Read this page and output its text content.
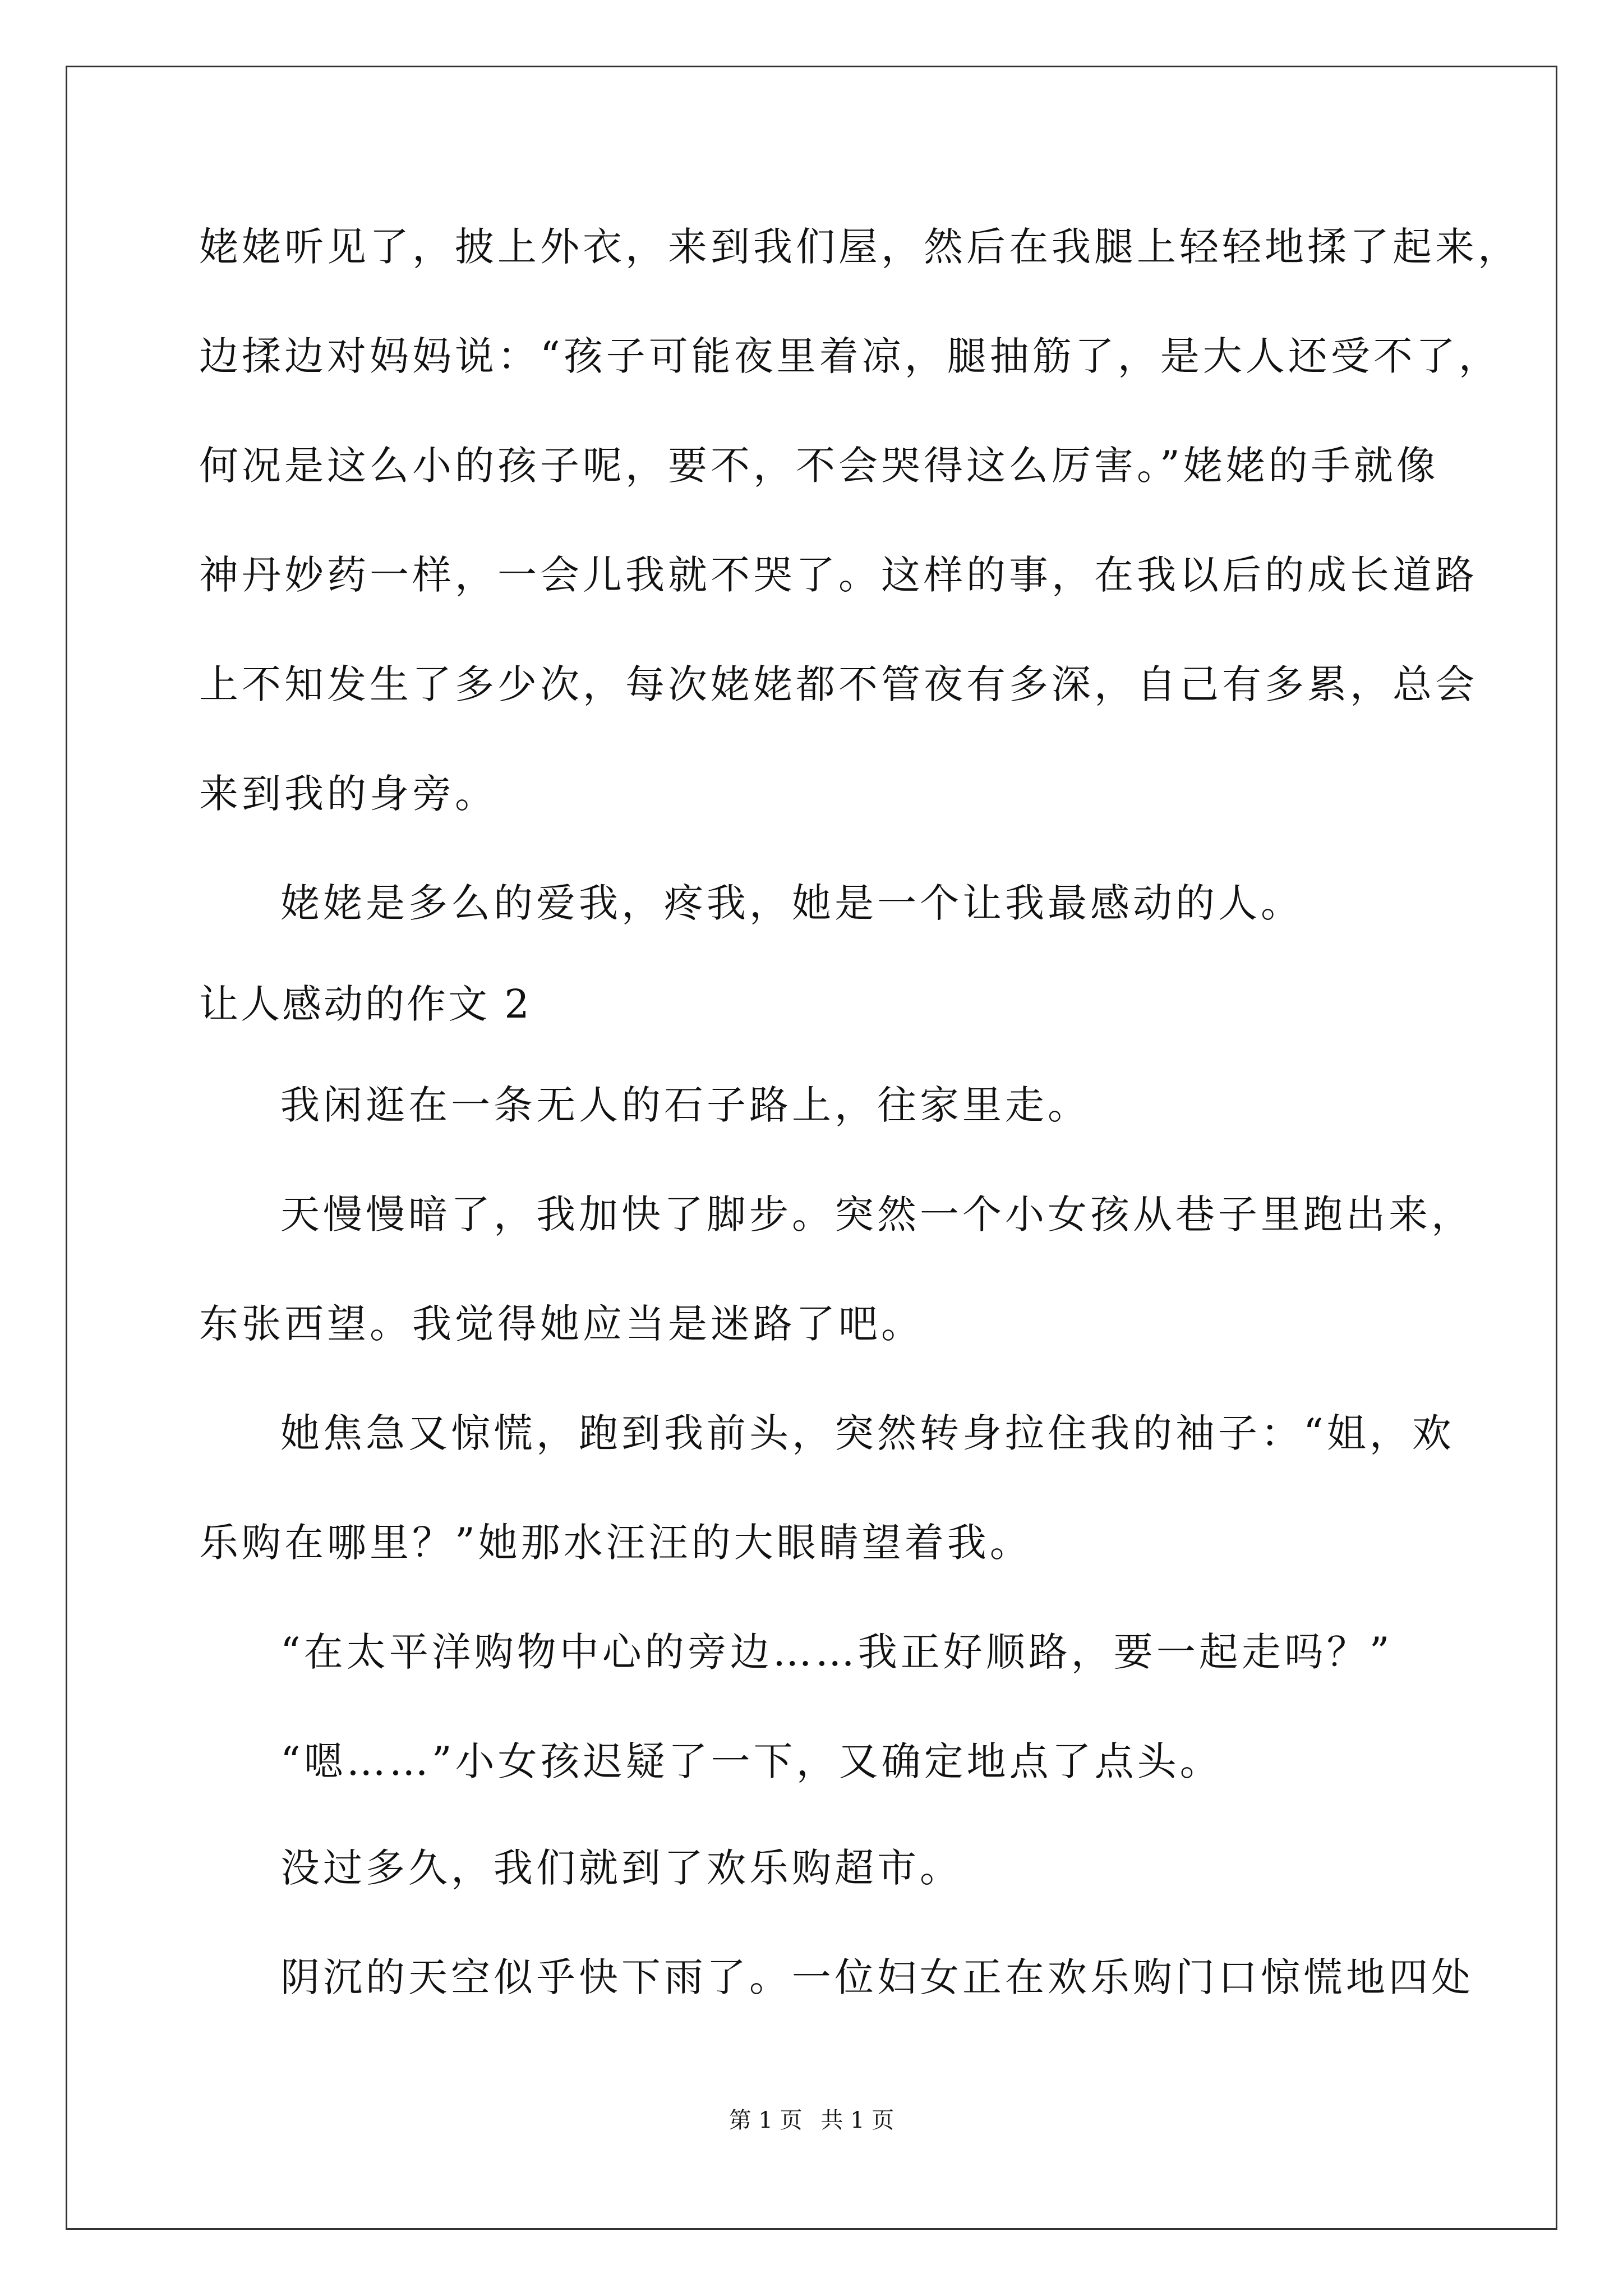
姥姥听见了，披上外衣，来到我们屋，然后在我腿上轻轻地揉了起来，
边揉边对妈妈说：“孩子可能夜里着凉，腿抽筋了，是大人还受不了，
何况是这么小的孩子呢，要不，不会哭得这么厉害。”姥姥的手就像
神丹妙药一样，一会儿我就不哭了。这样的事，在我以后的成长道路
上不知发生了多少次，每次姥姥都不管夜有多深，自己有多累，总会
来到我的身旁。
姥姥是多么的爱我，疼我，她是一个让我最感动的人。
让人感动的作文 2
我闲逛在一条无人的石子路上，往家里走。
天慢慢暗了，我加快了脚步。突然一个小女孩从巷子里跑出来，
东张西望。我觉得她应当是迷路了吧。
她焦急又惊慌，跑到我前头，突然转身拉住我的袖子：“姐，欢
乐购在哪里？”她那水汪汪的大眼睛望着我。
“在太平洋购物中心的旁边……我正好顺路，要一起走吗？”
“嗯……”小女孩迟疑了一下，又确定地点了点头。
没过多久，我们就到了欢乐购超市。
阴沉的天空似乎快下雨了。一位妇女正在欢乐购门口惊慌地四处
第 1 页 共 1 页
